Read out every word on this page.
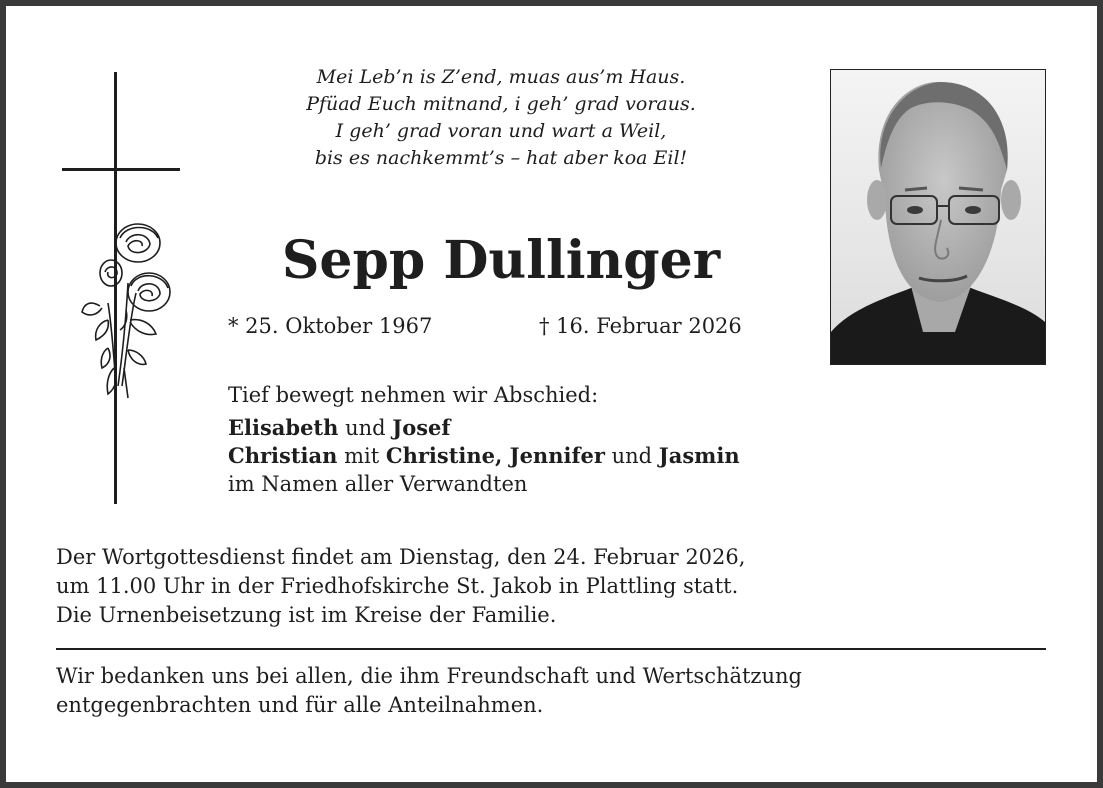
Mei Leb’n is Z’end, muas aus’m Haus.
Pfüad Euch mitnand, i geh’ grad voraus.
I geh’ grad voran und wart a Weil,
bis es nachkemmt’s – hat aber koa Eil!
Sepp Dullinger
* 25. Oktober 1967	† 16. Februar 2026
Tief bewegt nehmen wir Abschied:
Elisabeth und Josef
Christian mit Christine, Jennifer und Jasmin
im Namen aller Verwandten
Der Wortgottesdienst findet am Dienstag, den 24. Februar 2026,
um 11.00 Uhr in der Friedhofskirche St. Jakob in Plattling statt.
Die Urnenbeisetzung ist im Kreise der Familie.
Wir bedanken uns bei allen, die ihm Freundschaft und Wertschätzung
entgegenbrachten und für alle Anteilnahmen.
